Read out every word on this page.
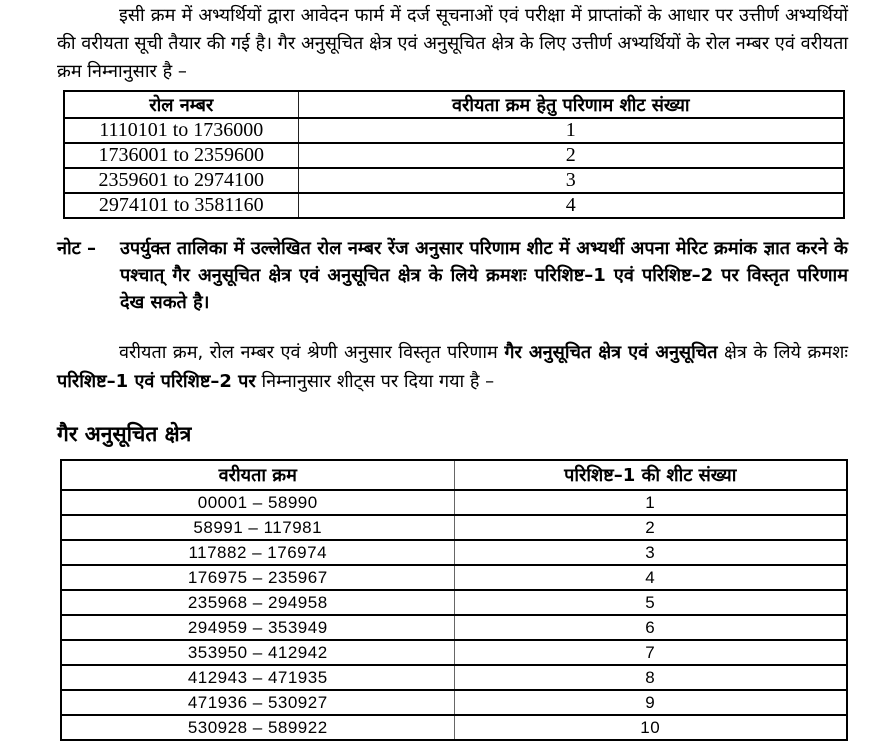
इसी क्रम में अभ्यर्थियों द्वारा आवेदन फार्म में दर्ज सूचनाओं एवं परीक्षा में प्राप्तांकों के आधार पर उत्तीर्ण अभ्यर्थियों की वरीयता सूची तैयार की गई है। गैर अनुसूचित क्षेत्र एवं अनुसूचित क्षेत्र के लिए उत्तीर्ण अभ्यर्थियों के रोल नम्बर एवं वरीयता क्रम निम्नानुसार है –

रोल नम्बर	वरीयता क्रम हेतु परिणाम शीट संख्या
1110101 to 1736000	1
1736001 to 2359600	2
2359601 to 2974100	3
2974101 to 3581160	4
नोट –	उपर्युक्त तालिका में उल्लेखित रोल नम्बर रेंज अनुसार परिणाम शीट में अभ्यर्थी अपना मेरिट क्रमांक ज्ञात करने के पश्चात् गैर अनुसूचित क्षेत्र एवं अनुसूचित क्षेत्र के लिये क्रमशः परिशिष्ट–1 एवं परिशिष्ट–2 पर विस्तृत परिणाम देख सकते है।

वरीयता क्रम, रोल नम्बर एवं श्रेणी अनुसार विस्तृत परिणाम गैर अनुसूचित क्षेत्र एवं अनुसूचित क्षेत्र के लिये क्रमशः परिशिष्ट–1 एवं परिशिष्ट–2 पर निम्नानुसार शीट्स पर दिया गया है –

गैर अनुसूचित क्षेत्र
वरीयता क्रम	परिशिष्ट–1 की शीट संख्या
00001 – 58990	1
58991 – 117981	2
117882 – 176974	3
176975 – 235967	4
235968 – 294958	5
294959 – 353949	6
353950 – 412942	7
412943 – 471935	8
471936 – 530927	9
530928 – 589922	10
